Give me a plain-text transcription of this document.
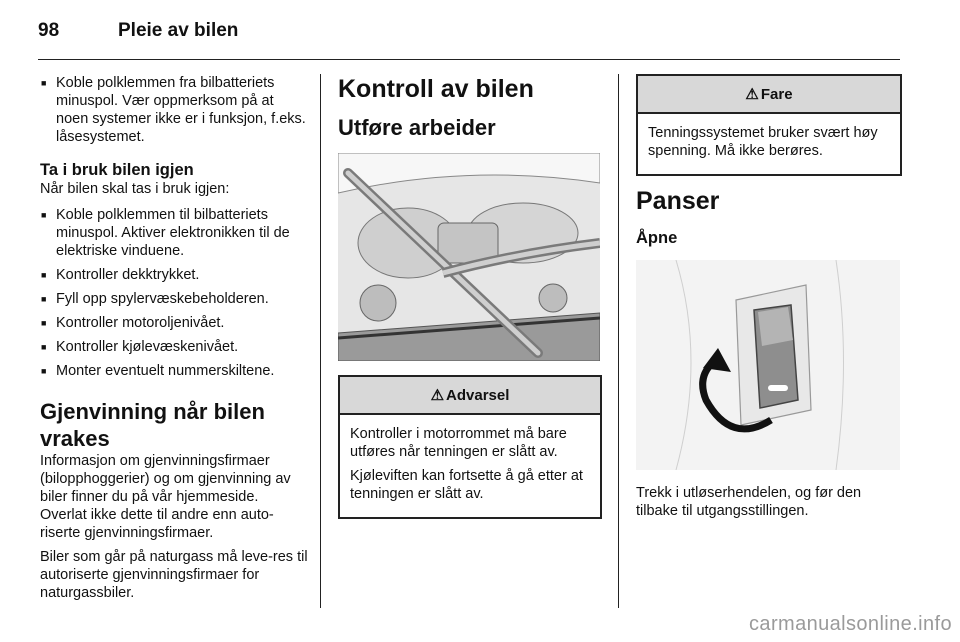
98	Pleie av bilen
■ Koble polklemmen fra bilbatteriets minuspol. Vær oppmerksom på at noen systemer ikke er i funksjon, f.eks. låsesystemet.
Ta i bruk bilen igjen

Når bilen skal tas i bruk igjen:

■ Koble polklemmen til bilbatteriets minuspol. Aktiver elektronikken til de elektriske vinduene.
■ Kontroller dekktrykket.
■ Fyll opp spylervæskebeholderen.
■ Kontroller motoroljenivået.
■ Kontroller kjølevæskenivået.
■ Monter eventuelt nummerskiltene.
Gjenvinning når bilen vrakes

Informasjon om gjenvinningsfirmaer (bilopphoggerier) og om gjenvinning av biler finner du på vår hjemmeside. Overlat ikke dette til andre enn auto-riserte gjenvinningsfirmaer.

Biler som går på naturgass må leve-res til autoriserte gjenvinningsfirmaer for naturgassbiler.

Kontroll av bilen
Utføre arbeider
⚠ Advarsel

Kontroller i motorrommet må bare utføres når tenningen er slått av.

Kjøleviften kan fortsette å gå etter at tenningen er slått av.

⚠ Fare

Tenningssystemet bruker svært høy spenning. Må ikke berøres.

Panser
Åpne

Trekk i utløserhendelen, og før den tilbake til utgangsstillingen.

carmanualsonline.info
